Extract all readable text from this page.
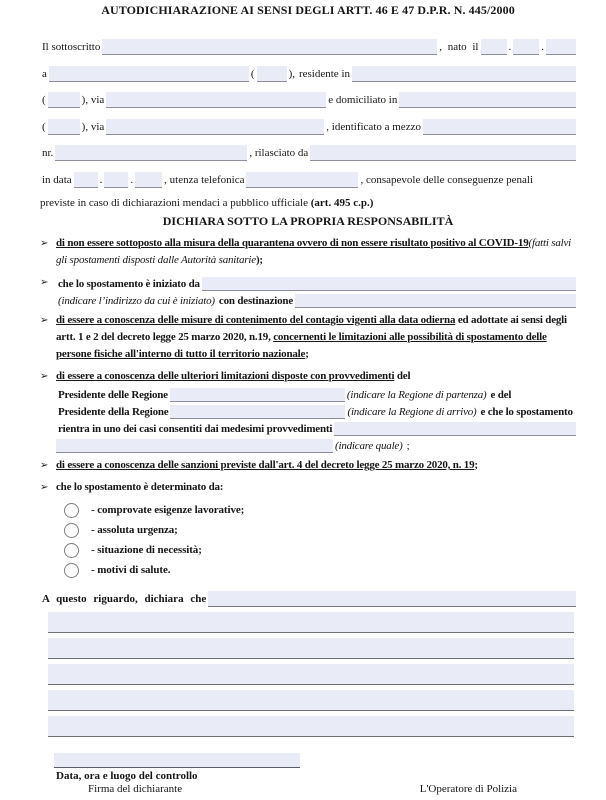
AUTODICHIARAZIONE AI SENSI DEGLI ARTT. 46 E 47 D.P.R. N. 445/2000
Il sottoscritto	, nato il	.	.
a	(	), residente in
(	), via	e domiciliato in
(	), via	, identificato a mezzo
nr.	, rilasciato da
in data	.	.	, utenza telefonica	, consapevole delle conseguenze penali
previste in caso di dichiarazioni mendaci a pubblico ufficiale (art. 495 c.p.)
DICHIARA SOTTO LA PROPRIA RESPONSABILITÀ
➢ di non essere sottoposto alla misura della quarantena ovvero di non essere risultato positivo al COVID-19(fatti salvi gli spostamenti disposti dalle Autorità sanitarie);
➢ che lo spostamento è iniziato da
(indicare l’indirizzo da cui è iniziato) con destinazione
➢ di essere a conoscenza delle misure di contenimento del contagio vigenti alla data odierna ed adottate ai sensi degli artt. 1 e 2 del decreto legge 25 marzo 2020, n.19, concernenti le limitazioni alle possibilità di spostamento delle persone fisiche all'interno di tutto il territorio nazionale;
➢ di essere a conoscenza delle ulteriori limitazioni disposte con provvedimenti del
Presidente delle Regione	(indicare la Regione di partenza) e del
Presidente della Regione	(indicare la Regione di arrivo) e che lo spostamento
rientra in uno dei casi consentiti dai medesimi provvedimenti
(indicare quale) ;
➢ di essere a conoscenza delle sanzioni previste dall'art. 4 del decreto legge 25 marzo 2020, n. 19;
➢ che lo spostamento è determinato da:
- comprovate esigenze lavorative;
- assoluta urgenza;
- situazione di necessità;
- motivi di salute.
A questo riguardo, dichiara che
Data, ora e luogo del controllo
Firma del dichiarante	L'Operatore di Polizia
